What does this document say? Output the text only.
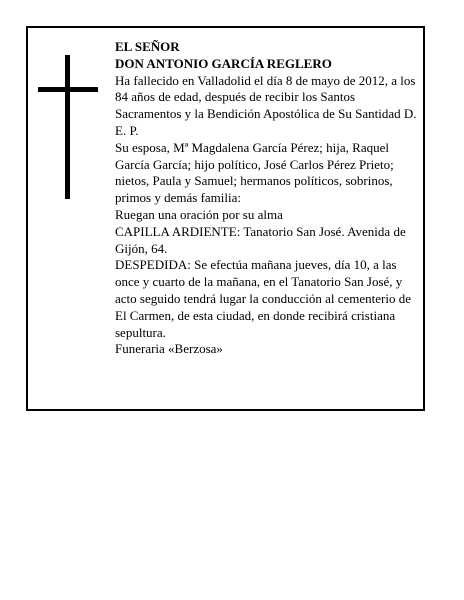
EL SEÑOR

DON ANTONIO GARCÍA REGLERO

Ha fallecido en Valladolid el día 8 de mayo de 2012, a los 84 años de edad, después de recibir los Santos Sacramentos y la Bendición Apostólica de Su Santidad D. E. P.

Su esposa, Mª Magdalena García Pérez; hija, Raquel García García; hijo político, José Carlos Pérez Prieto; nietos, Paula y Samuel; hermanos políticos, sobrinos, primos y demás familia:

Ruegan una oración por su alma

CAPILLA ARDIENTE: Tanatorio San José. Avenida de Gijón, 64.

DESPEDIDA: Se efectúa mañana jueves, día 10, a las once y cuarto de la mañana, en el Tanatorio San José, y acto seguido tendrá lugar la conducción al cementerio de El Carmen, de esta ciudad, en donde recibirá cristiana sepultura.

Funeraria «Berzosa»
